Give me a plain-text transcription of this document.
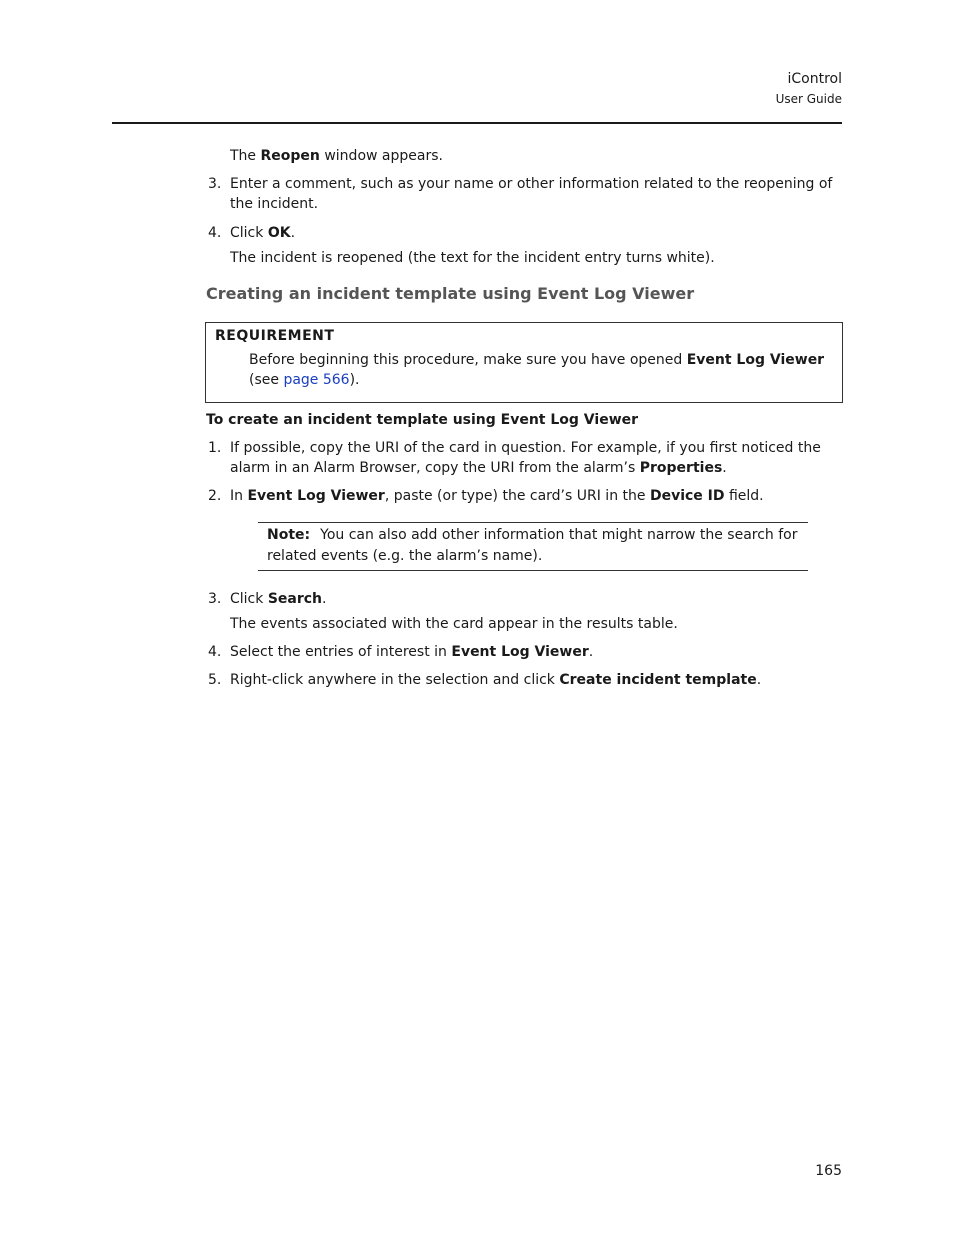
iControl
User Guide
The Reopen window appears.
3. Enter a comment, such as your name or other information related to the reopening of the incident.
4. Click OK.
The incident is reopened (the text for the incident entry turns white).
Creating an incident template using Event Log Viewer
REQUIREMENT
Before beginning this procedure, make sure you have opened Event Log Viewer
(see page 566).
To create an incident template using Event Log Viewer
1. If possible, copy the URI of the card in question. For example, if you first noticed the alarm in an Alarm Browser, copy the URI from the alarm’s Properties.
2. In Event Log Viewer, paste (or type) the card’s URI in the Device ID field.
Note: You can also add other information that might narrow the search for related events (e.g. the alarm’s name).
3. Click Search.
The events associated with the card appear in the results table.
4. Select the entries of interest in Event Log Viewer.
5. Right-click anywhere in the selection and click Create incident template.
165
